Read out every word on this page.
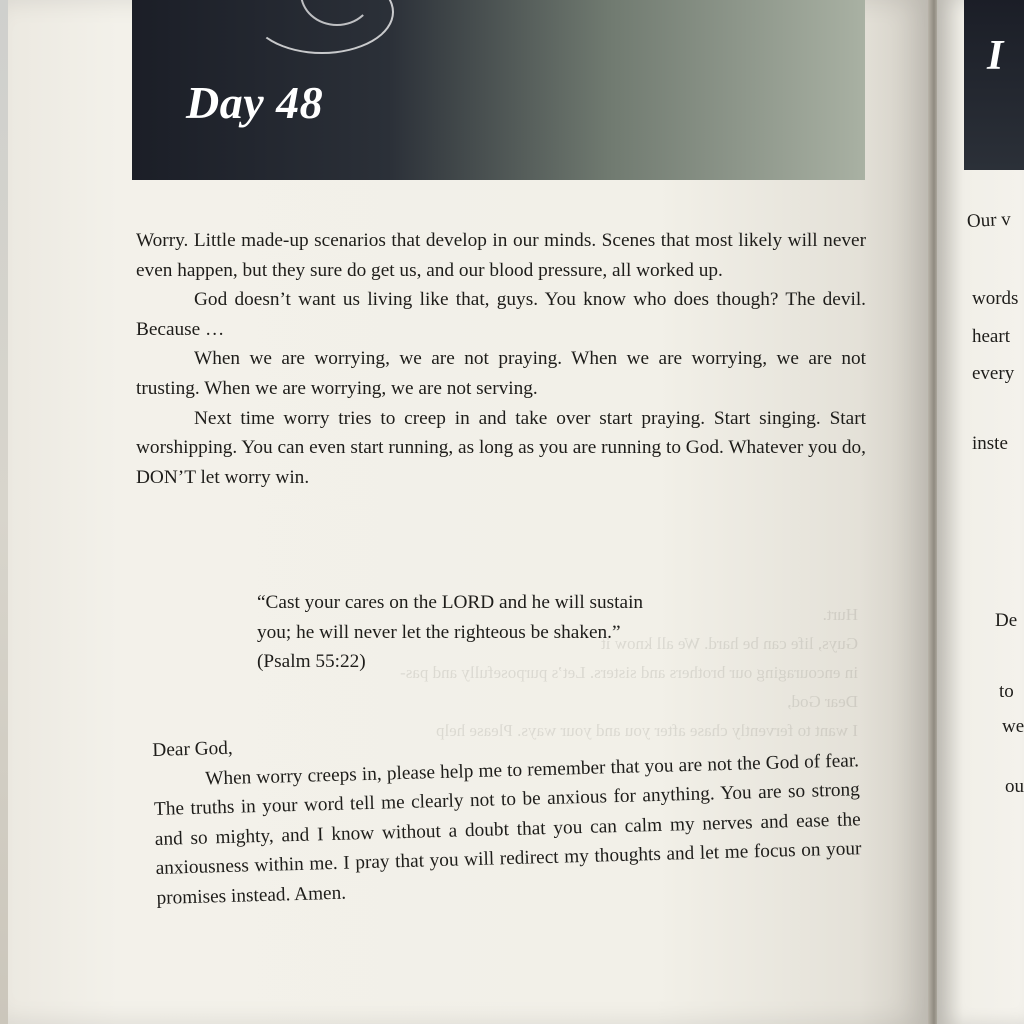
Hurt.
Guys, life can be hard. We all know it
in encouraging our brothers and sisters. Let’s purposefully and pas-
Dear God,
I want to fervently chase after you and your ways. Please help
Day 48

Worry. Little made-up scenarios that develop in our minds. Scenes that most likely will never even happen, but they sure do get us, and our blood pressure, all worked up.

God doesn’t want us living like that, guys. You know who does though? The devil. Because …

When we are worrying, we are not praying. When we are worrying, we are not trusting. When we are worrying, we are not serving.

Next time worry tries to creep in and take over start praying. Start singing. Start worshipping. You can even start running, as long as you are running to God. Whatever you do, DON’T let worry win.

“Cast your cares on the LORD and he will sustain

you; he will never let the righteous be shaken.”

(Psalm 55:22)

Dear God,

When worry creeps in, please help me to remember that you are not the God of fear. The truths in your word tell me clearly not to be anxious for anything. You are so strong and so mighty, and I know without a doubt that you can calm my nerves and ease the anxiousness within me. I pray that you will redirect my thoughts and let me focus on your promises instead. Amen.

I
Our v
words
heart
every
inste
De
to
we
ou
